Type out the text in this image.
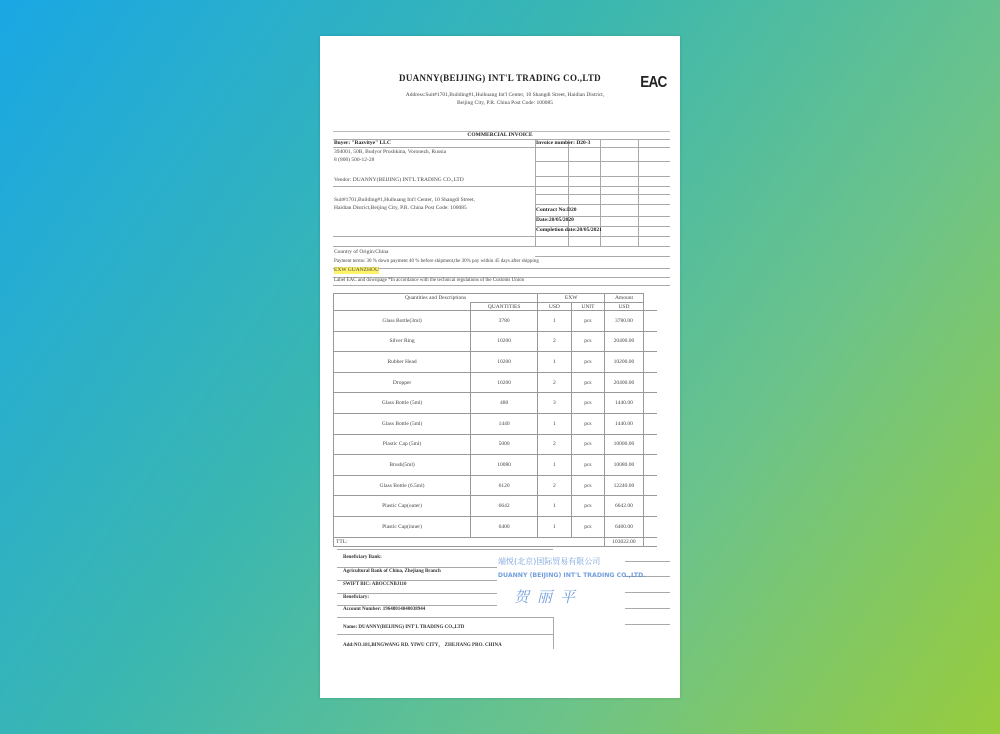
DUANNY(BEIJING) INT'L TRADING CO.,LTD
Address:Suit#1701,Building#1,Huihuang Int'l Center, 10 Shangdi Street, Haidian District,
Beijing City, P.R. China Post Code: 100085
EAC
COMMERCIAL INVOICE
Buyer: "Razvitye" LLC
394001, 50B, Budyor Prushkina, Voronezh, Russia
8 (800) 500-12-28
Invoice number: D20-3
Vendor: DUANNY(BEIJING) INT'L TRADING CO.,LTD
Suit#1701,Building#1,Huihuang Int'l Center, 10 Shangdi Street,
Haidian District,Beijing City, P.R. China Post Code: 100085	Contract No:D20
Date:20/05/2020
Completion date:20/05/2021
Country of Origin:China
Payment terms: 30 % down payment 40 % before shipment,the 30% pay within 45 days after shipping
EXW GUANZHOU
Label EAC and downpage *In accordance with the technical regulations of the Customs Union
Quantities and Descriptions		EXW		Amount	
	QUANTITIES	USD	UNIT	USD	
Glass Bottle(3ml)	3780	1	pcs	3780.00	
Silver Ring	10200	2	pcs	20400.00	
Rubber Head	10200	1	pcs	10200.00	
Dropper	10200	2	pcs	20400.00	
Glass Bottle (5ml)	480	3	pcs	1440.00	
Glass Bottle (5ml)	1440	1	pcs	1440.00	
Plastic Cap (5ml)	5000	2	pcs	10000.00	
Brush(5ml)	10080	1	pcs	10080.00	
Glass Bottle (6.5ml)	6120	2	pcs	12240.00	
Plastic Cap(outer)	6642	1	pcs	6642.00	
Plastic Cap(inner)	6400	1	pcs	6400.00	
TTL:				103022.00	
Beneficiary Bank:
Agricultural Bank of China, Zhejiang Branch
SWIFT BIC: ABOCCNBJ110
Beneficiary:
Account Number: 19648014040038944
Name: DUANNY(BEIJING) INT'L TRADING CO.,LTD
Add:NO.181,BINGWANG RD. YIWU CITY， ZHEJIANG PRO. CHINA
端悦(北京)国际贸易有限公司
DUANNY (BEIJING) INT'L TRADING CO.,LTD.
贺丽平
